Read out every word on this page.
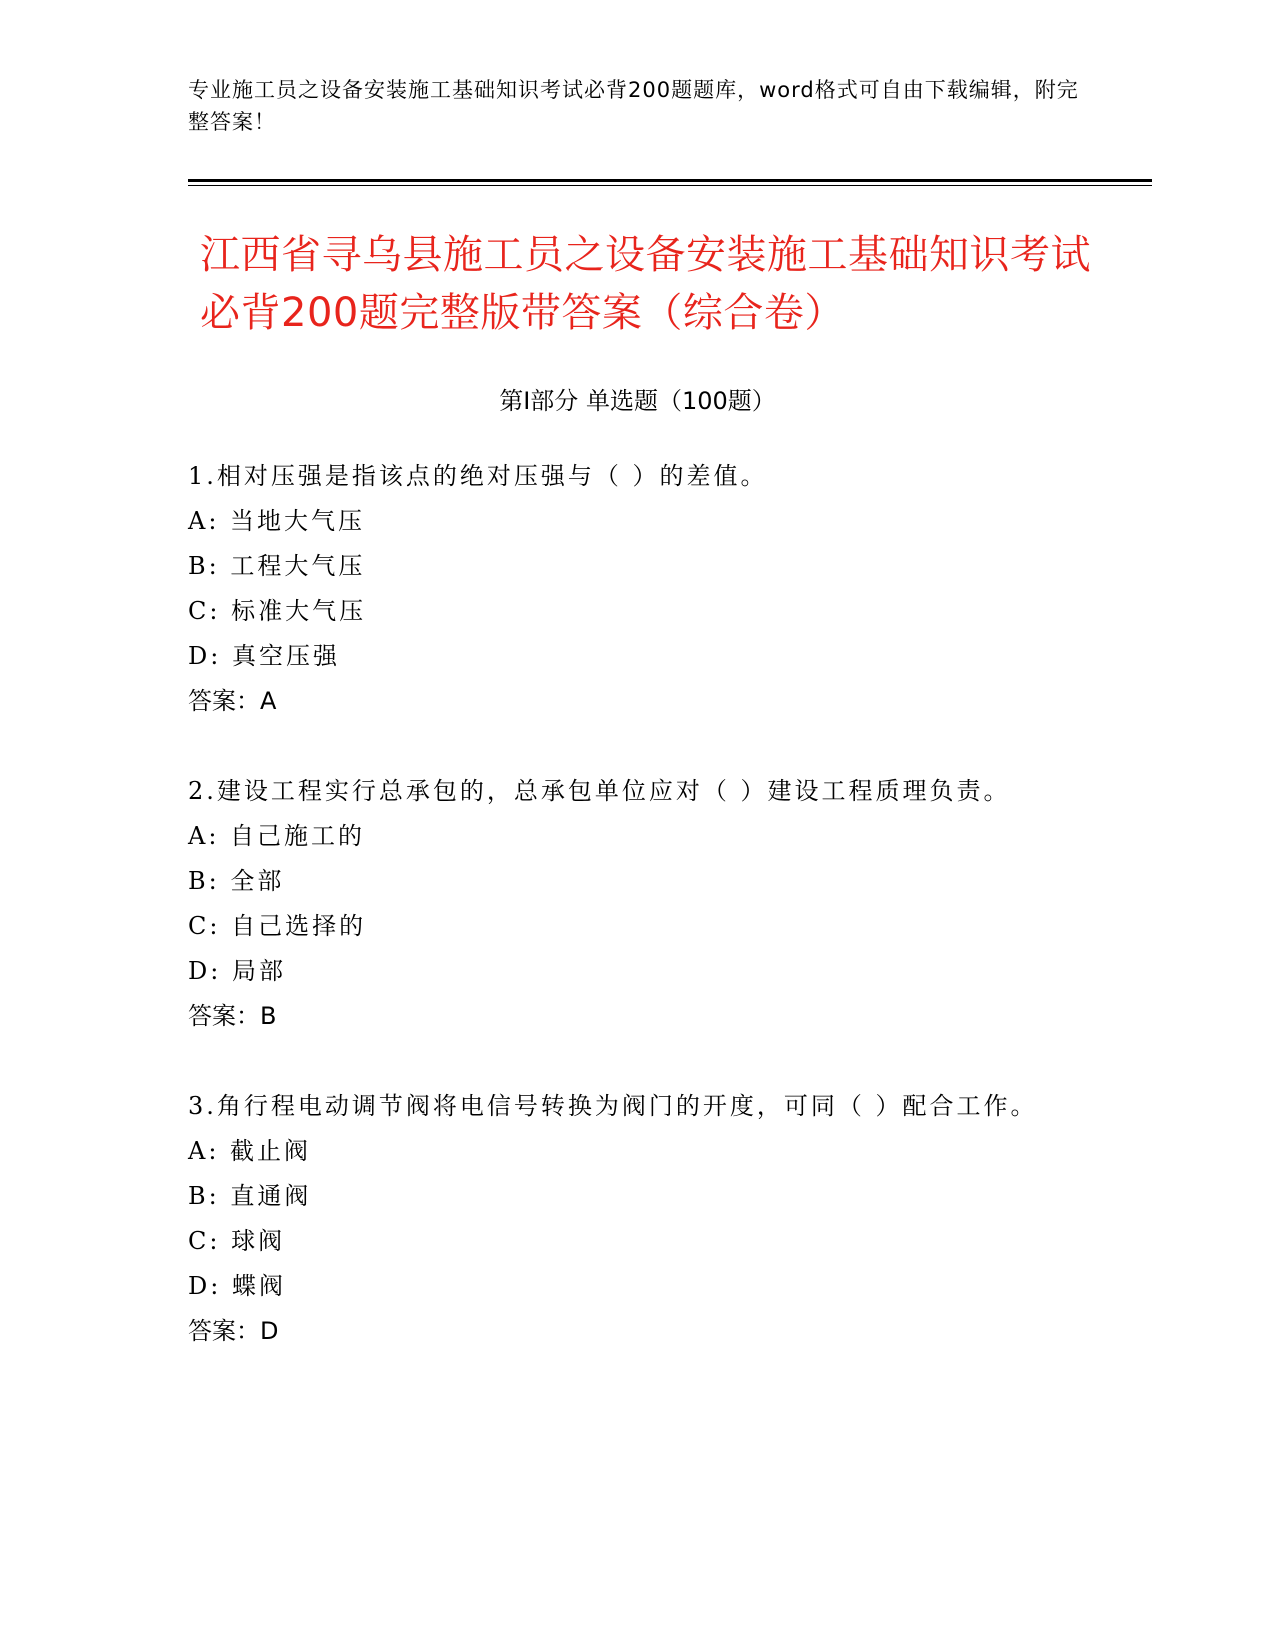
专业施工员之设备安装施工基础知识考试必背200题题库，word格式可自由下载编辑，附完整答案！
江西省寻乌县施工员之设备安装施工基础知识考试必背200题完整版带答案（综合卷）
第Ⅰ部分 单选题（100题）

1.相对压强是指该点的绝对压强与（ ）的差值。

A: 当地大气压

B: 工程大气压

C: 标准大气压

D: 真空压强

答案：A

2.建设工程实行总承包的，总承包单位应对（ ）建设工程质理负责。

A: 自己施工的

B: 全部

C: 自己选择的

D: 局部

答案：B

3.角行程电动调节阀将电信号转换为阀门的开度，可同（ ）配合工作。

A: 截止阀

B: 直通阀

C: 球阀

D: 蝶阀

答案：D
